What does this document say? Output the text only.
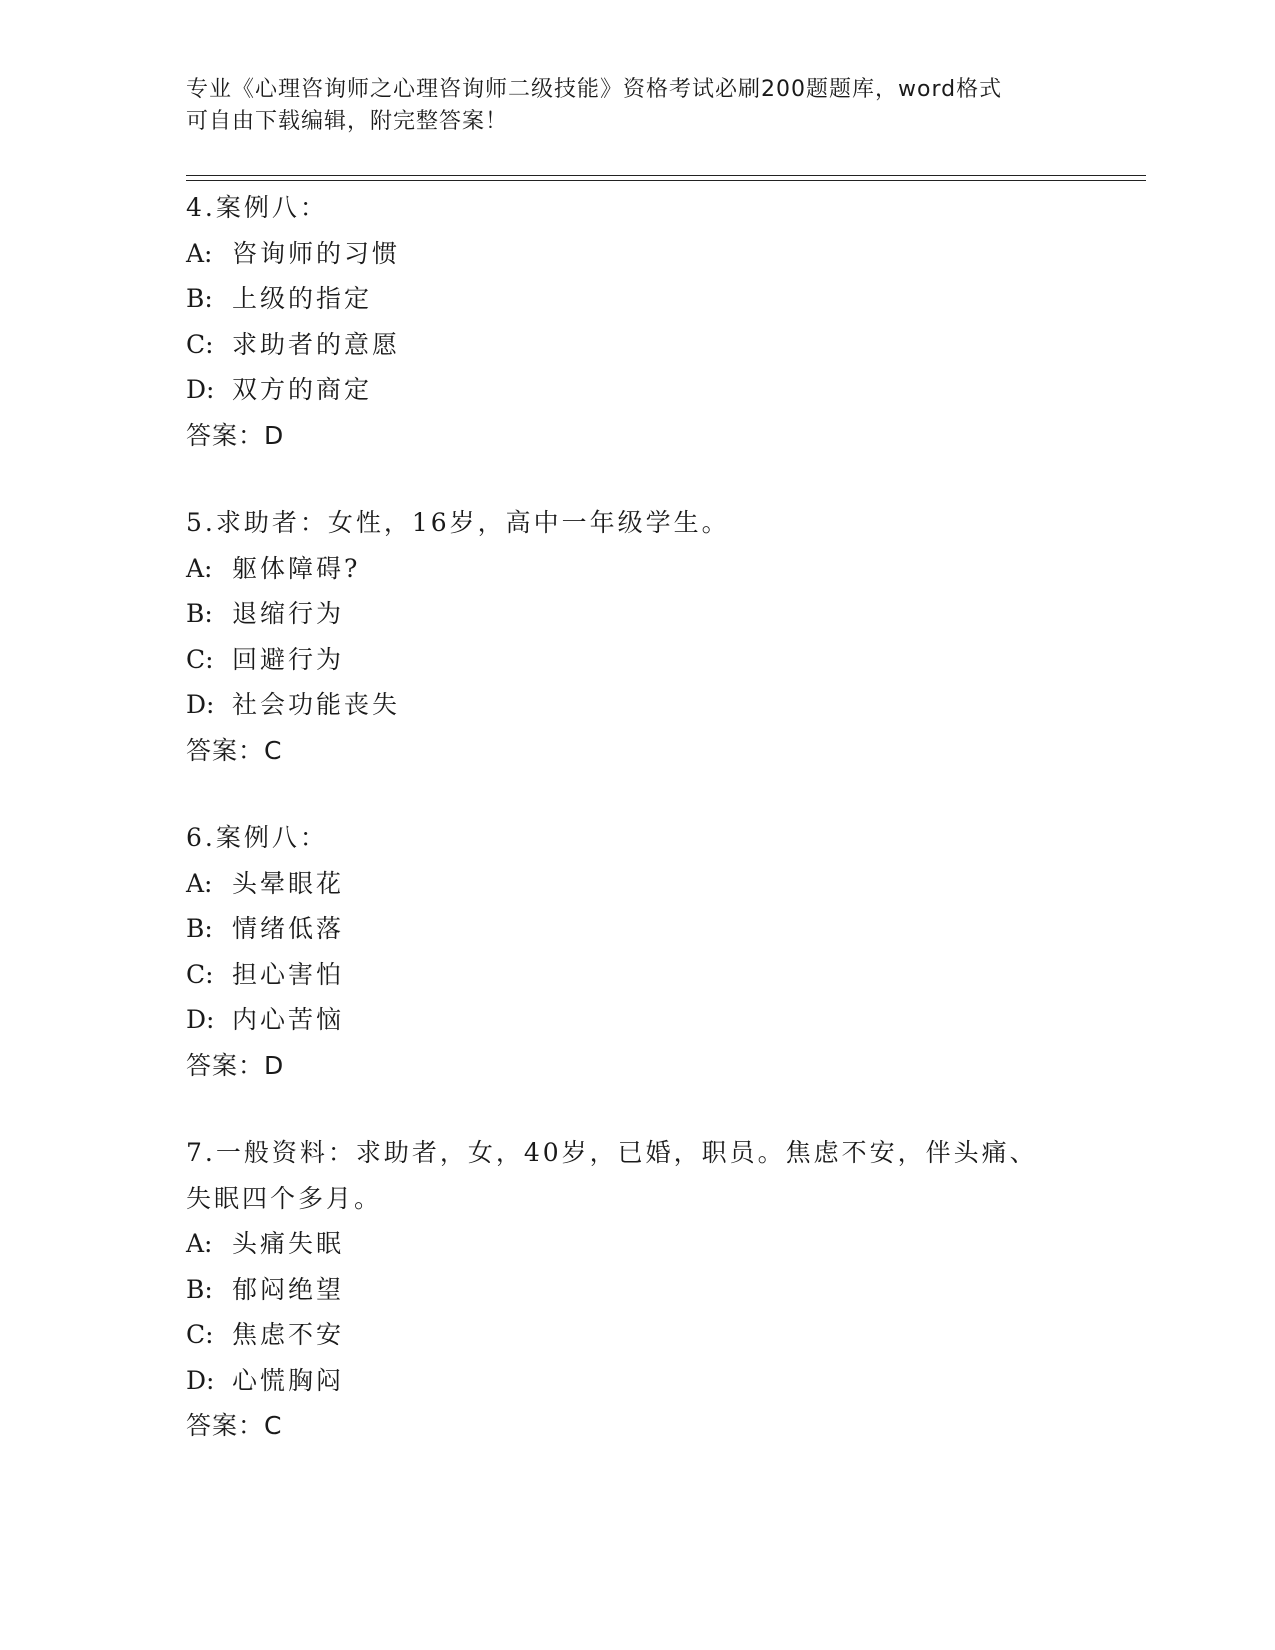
专业《心理咨询师之心理咨询师二级技能》资格考试必刷200题题库，word格式
可自由下载编辑，附完整答案！
4.案例八：
A: 咨询师的习惯
B: 上级的指定
C: 求助者的意愿
D: 双方的商定
答案：D
5.求助者：女性，16岁，高中一年级学生。
A: 躯体障碍?
B: 退缩行为
C: 回避行为
D: 社会功能丧失
答案：C
6.案例八：
A: 头晕眼花
B: 情绪低落
C: 担心害怕
D: 内心苦恼
答案：D
7.一般资料：求助者，女，40岁，已婚，职员。焦虑不安，伴头痛、
失眠四个多月。
A: 头痛失眠
B: 郁闷绝望
C: 焦虑不安
D: 心慌胸闷
答案：C
